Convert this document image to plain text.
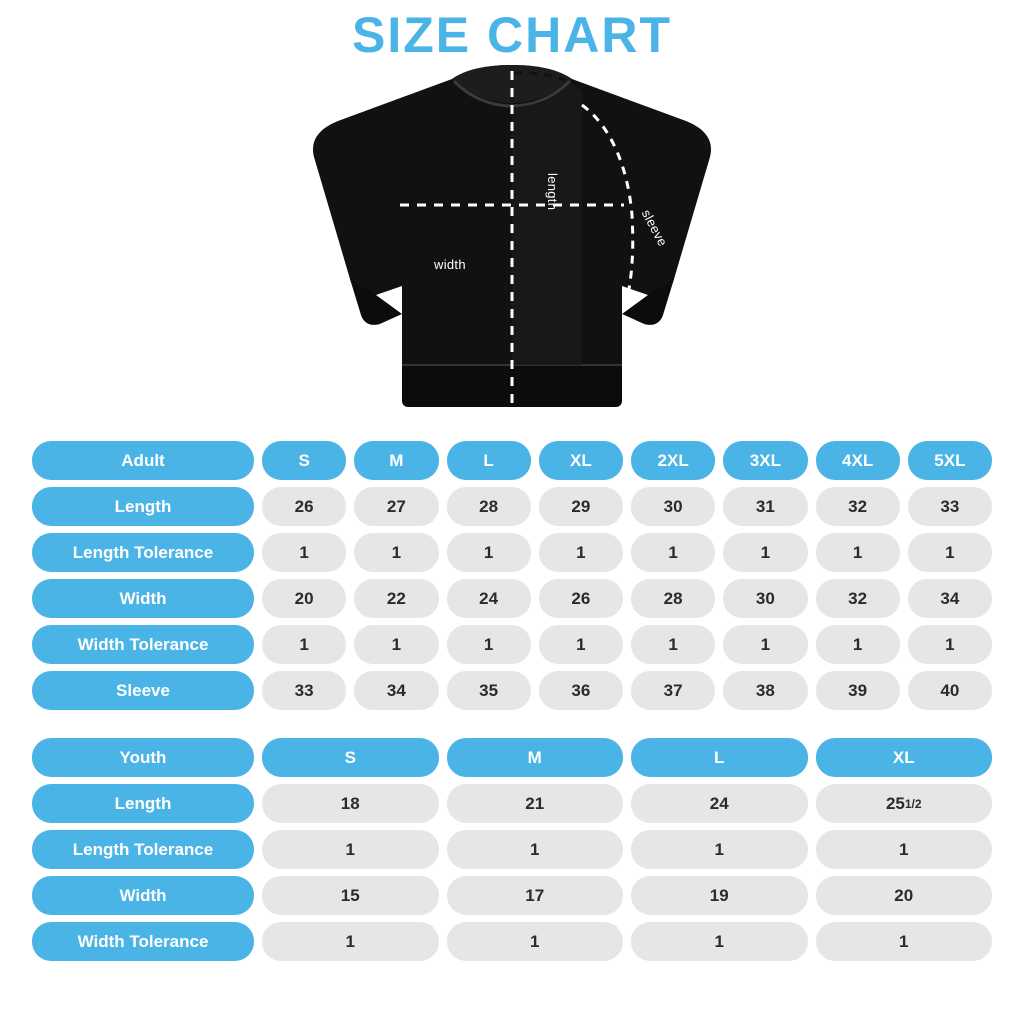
SIZE CHART
length
width
sleeve
Adult	S	M	L	XL	2XL	3XL	4XL	5XL
Length	26	27	28	29	30	31	32	33
Length Tolerance	1	1	1	1	1	1	1	1
Width	20	22	24	26	28	30	32	34
Width Tolerance	1	1	1	1	1	1	1	1
Sleeve	33	34	35	36	37	38	39	40
Youth	S	M	L	XL
Length	18	21	24	25 1 /2
Length Tolerance	1	1	1	1
Width	15	17	19	20
Width Tolerance	1	1	1	1
